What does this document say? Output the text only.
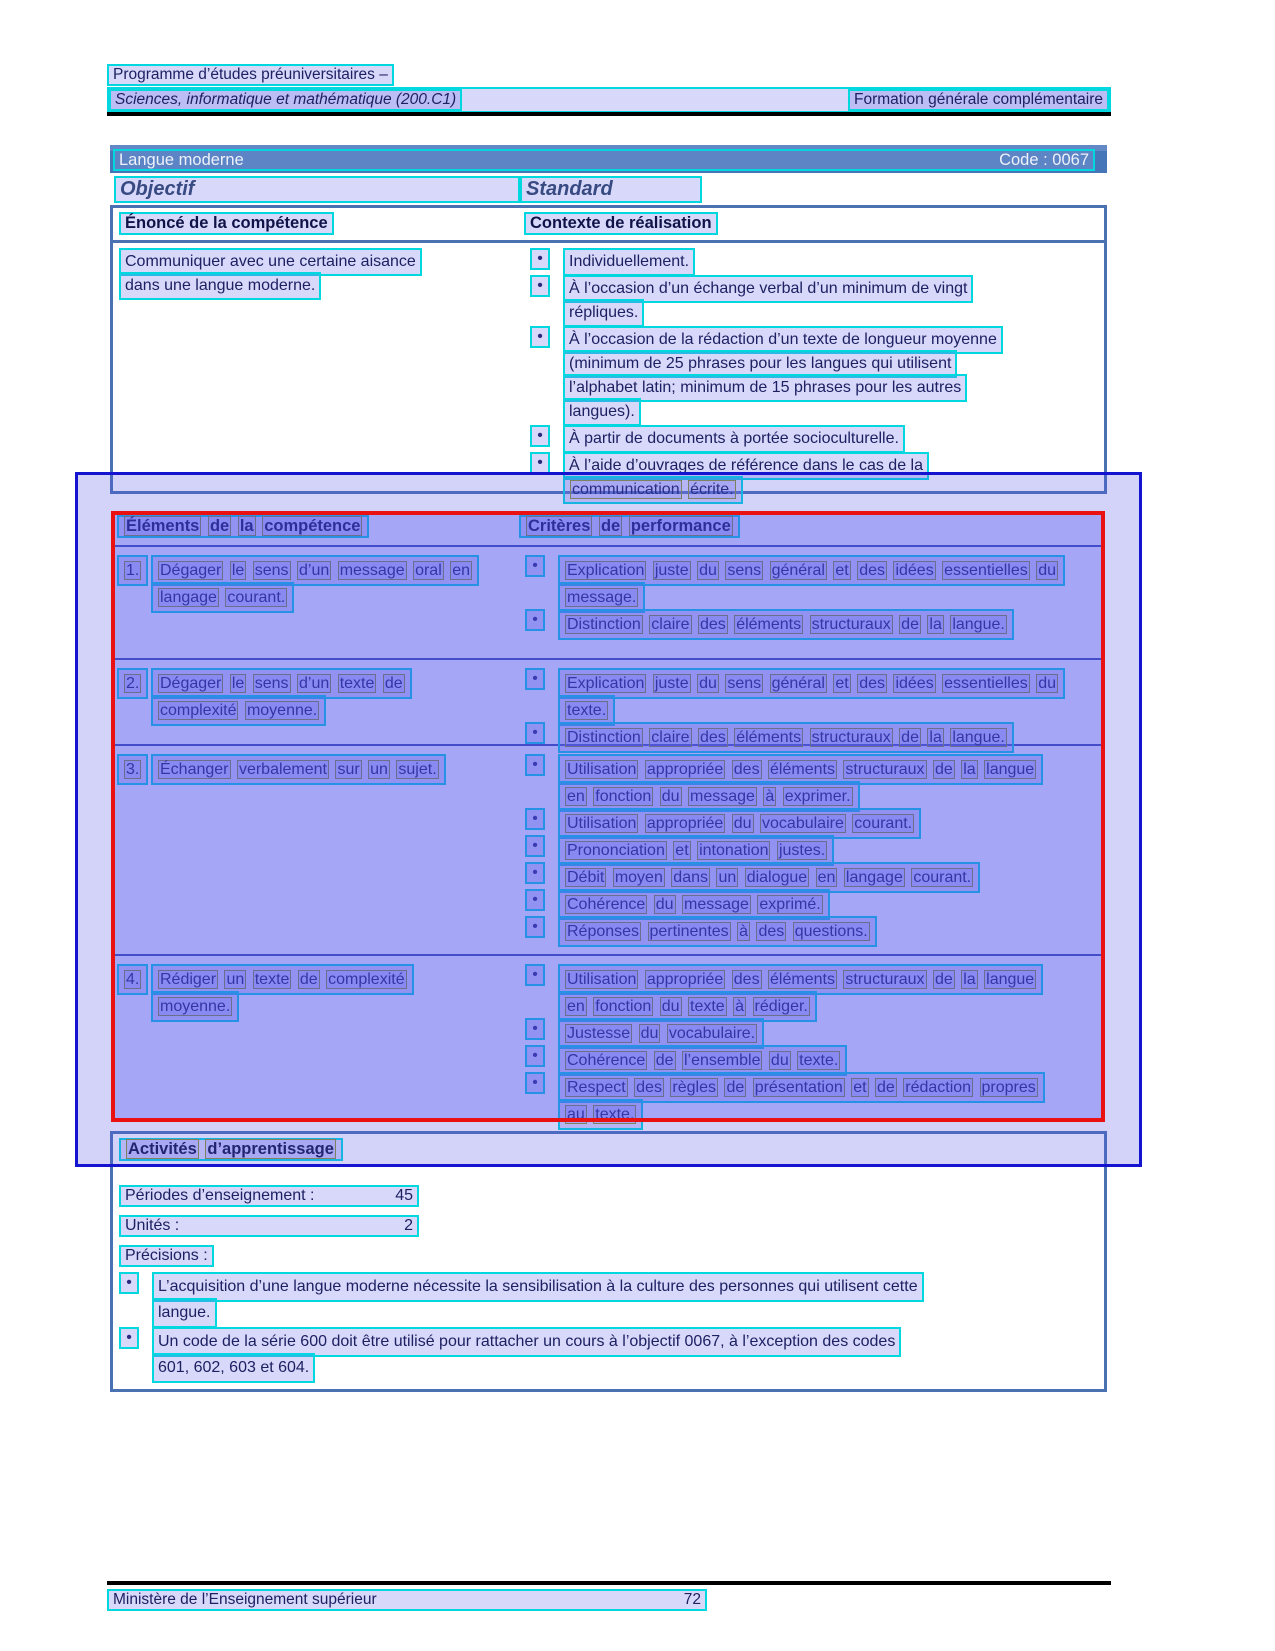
Programme d’études préuniversitaires –
Sciences, informatique et mathématique (200.C1)	Formation générale complémentaire
Langue moderne	Code : 0067
Objectif	Standard
Énoncé de la compétence	Contexte de réalisation
Communiquer avec une certaine aisance
dans une langue moderne.
•	Individuellement.
•	À l’occasion d’un échange verbal d’un minimum de vingt
répliques.
•	À l’occasion de la rédaction d’un texte de longueur moyenne
(minimum de 25 phrases pour les langues qui utilisent
l’alphabet latin; minimum de 15 phrases pour les autres
langues).
•	À partir de documents à portée socioculturelle.
•	À l’aide d’ouvrages de référence dans le cas de la
communication écrite.
Éléments de la compétence	Critères de performance
1.	Dégager le sens d’un message oral en
langage courant.
•	Explication juste du sens général et des idées essentielles du
message.
•	Distinction claire des éléments structuraux de la langue.
2.	Dégager le sens d’un texte de
complexité moyenne.
•	Explication juste du sens général et des idées essentielles du
texte.
•	Distinction claire des éléments structuraux de la langue.
3.	Échanger verbalement sur un sujet.	•	Utilisation appropriée des éléments structuraux de la langue
en fonction du message à exprimer.
•	Utilisation appropriée du vocabulaire courant.
•	Prononciation et intonation justes.
•	Débit moyen dans un dialogue en langage courant.
•	Cohérence du message exprimé.
•	Réponses pertinentes à des questions.
4.	Rédiger un texte de complexité
moyenne.
•	Utilisation appropriée des éléments structuraux de la langue
en fonction du texte à rédiger.
•	Justesse du vocabulaire.
•	Cohérence de l’ensemble du texte.
•	Respect des règles de présentation et de rédaction propres
au texte.
Activités d’apprentissage
Périodes d’enseignement :	45
Unités :	2
Précisions :
•	L’acquisition d’une langue moderne nécessite la sensibilisation à la culture des personnes qui utilisent cette
langue.
•	Un code de la série 600 doit être utilisé pour rattacher un cours à l’objectif 0067, à l’exception des codes
601, 602, 603 et 604.
Ministère de l’Enseignement supérieur	72
